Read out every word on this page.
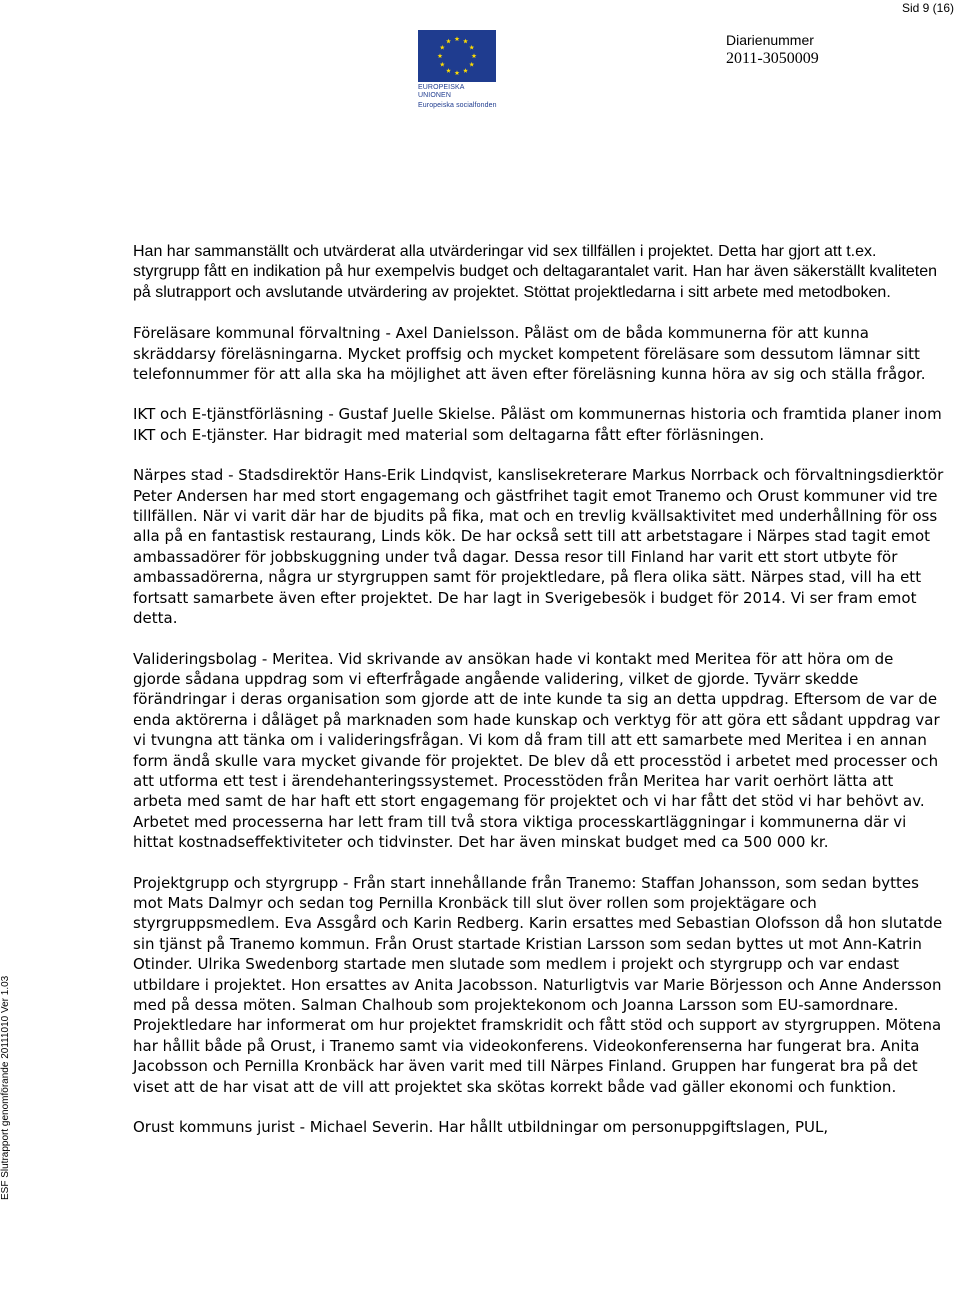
Sid 9 (16)
EUROPEISKA UNIONEN
Europeiska socialfonden
Diarienummer
2011-3050009
ESF Slutrapport genomförande 20111010 Ver 1.03

Han har sammanställt och utvärderat alla utvärderingar vid sex tillfällen i projektet. Detta har gjort att t.ex. styrgrupp fått en indikation på hur exempelvis budget och deltagarantalet varit. Han har även säkerställt kvaliteten på slutrapport och avslutande utvärdering av projektet. Stöttat projektledarna i sitt arbete med metodboken.

Föreläsare kommunal förvaltning - Axel Danielsson. Påläst om de båda kommunerna för att kunna skräddarsy föreläsningarna. Mycket proffsig och mycket kompetent föreläsare som dessutom lämnar sitt telefonnummer för att alla ska ha möjlighet att även efter föreläsning kunna höra av sig och ställa frågor.

IKT och E-tjänstförläsning - Gustaf Juelle Skielse. Påläst om kommunernas historia och framtida planer inom IKT och E-tjänster. Har bidragit med material som deltagarna fått efter förläsningen.

Närpes stad - Stadsdirektör Hans-Erik Lindqvist, kanslisekreterare Markus Norrback och förvaltningsdierktör Peter Andersen har med stort engagemang och gästfrihet tagit emot Tranemo och Orust kommuner vid tre tillfällen. När vi varit där har de bjudits på fika, mat och en trevlig kvällsaktivitet med underhållning för oss alla på en fantastisk restaurang, Linds kök. De har också sett till att arbetstagare i Närpes stad tagit emot ambassadörer för jobbskuggning under två dagar. Dessa resor till Finland har varit ett stort utbyte för ambassadörerna, några ur styrgruppen samt för projektledare, på flera olika sätt. Närpes stad, vill ha ett fortsatt samarbete även efter projektet. De har lagt in Sverigebesök i budget för 2014. Vi ser fram emot detta.

Valideringsbolag - Meritea. Vid skrivande av ansökan hade vi kontakt med Meritea för att höra om de gjorde sådana uppdrag som vi efterfrågade angående validering, vilket de gjorde. Tyvärr skedde förändringar i deras organisation som gjorde att de inte kunde ta sig an detta uppdrag. Eftersom de var de enda aktörerna i dåläget på marknaden som hade kunskap och verktyg för att göra ett sådant uppdrag var vi tvungna att tänka om i valideringsfrågan. Vi kom då fram till att ett samarbete med Meritea i en annan form ändå skulle vara mycket givande för projektet. De blev då ett processtöd i arbetet med processer och att utforma ett test i ärendehanteringssystemet. Processtöden från Meritea har varit oerhört lätta att arbeta med samt de har haft ett stort engagemang för projektet och vi har fått det stöd vi har behövt av. Arbetet med processerna har lett fram till två stora viktiga processkartläggningar i kommunerna där vi hittat kostnadseffektiviteter och tidvinster. Det har även minskat budget med ca 500 000 kr.

Projektgrupp och styrgrupp - Från start innehållande från Tranemo: Staffan Johansson, som sedan byttes mot Mats Dalmyr och sedan tog Pernilla Kronbäck till slut över rollen som projektägare och styrgruppsmedlem. Eva Assgård och Karin Redberg. Karin ersattes med Sebastian Olofsson då hon slutatde sin tjänst på Tranemo kommun. Från Orust startade Kristian Larsson som sedan byttes ut mot Ann-Katrin Otinder. Ulrika Swedenborg startade men slutade som medlem i projekt och styrgrupp och var endast utbildare i projektet. Hon ersattes av Anita Jacobsson. Naturligtvis var Marie Börjesson och Anne Andersson med på dessa möten. Salman Chalhoub som projektekonom och Joanna Larsson som EU-samordnare. Projektledare har informerat om hur projektet framskridit och fått stöd och support av styrgruppen. Mötena har hållit både på Orust, i Tranemo samt via videokonferens. Videokonferenserna har fungerat bra. Anita Jacobsson och Pernilla Kronbäck har även varit med till Närpes Finland. Gruppen har fungerat bra på det viset att de har visat att de vill att projektet ska skötas korrekt både vad gäller ekonomi och funktion.

Orust kommuns jurist - Michael Severin. Har hållt utbildningar om personuppgiftslagen, PUL,
